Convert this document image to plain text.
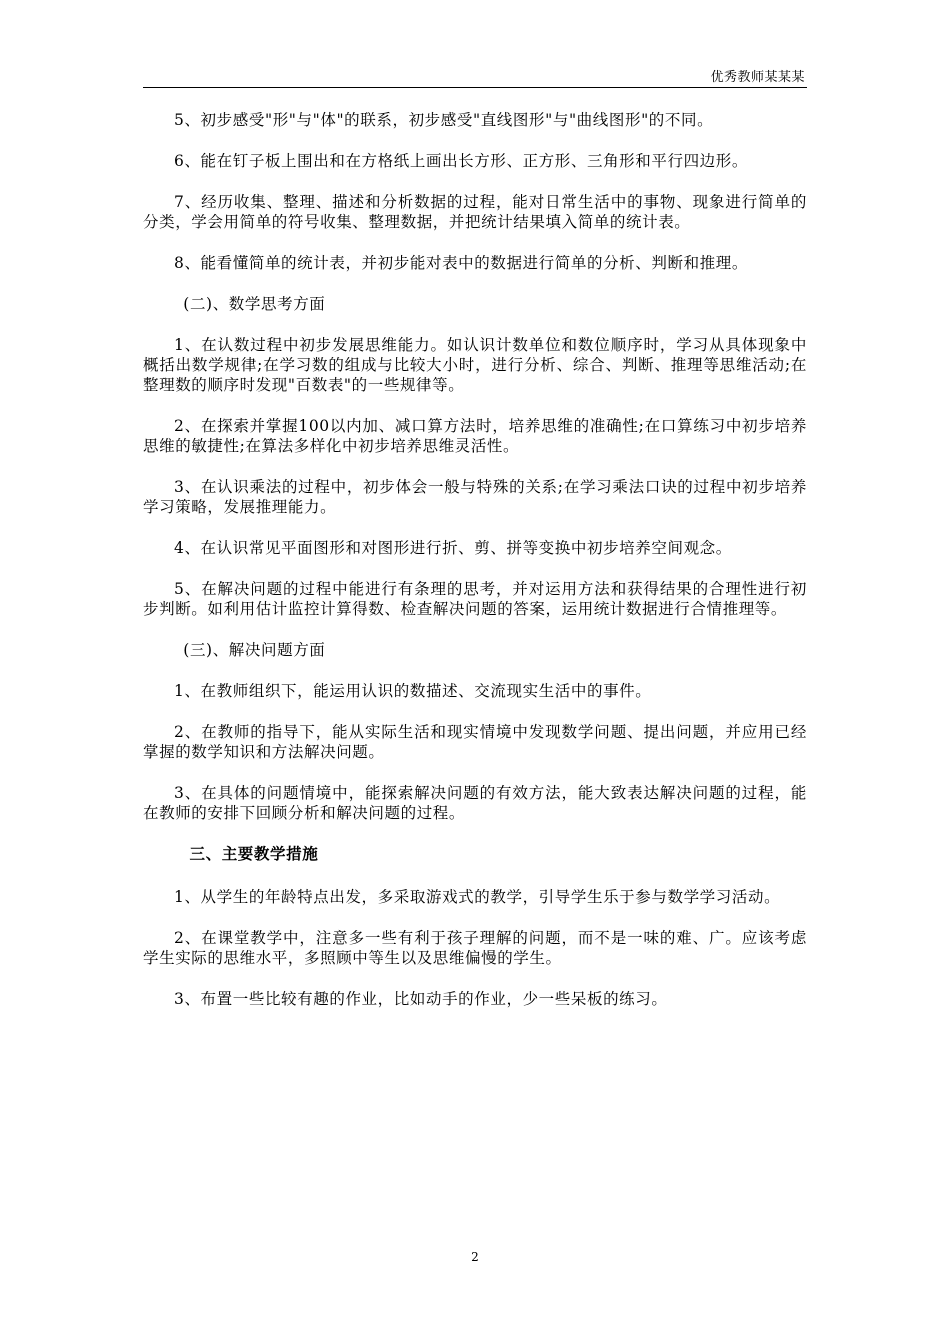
优秀教师某某某

5、初步感受"形"与"体"的联系，初步感受"直线图形"与"曲线图形"的不同。

6、能在钉子板上围出和在方格纸上画出长方形、正方形、三角形和平行四边形。

7、经历收集、整理、描述和分析数据的过程，能对日常生活中的事物、现象进行简单的分类，学会用简单的符号收集、整理数据，并把统计结果填入简单的统计表。

8、能看懂简单的统计表，并初步能对表中的数据进行简单的分析、判断和推理。

(二)、数学思考方面

1、在认数过程中初步发展思维能力。如认识计数单位和数位顺序时，学习从具体现象中概括出数学规律;在学习数的组成与比较大小时，进行分析、综合、判断、推理等思维活动;在整理数的顺序时发现"百数表"的一些规律等。

2、在探索并掌握100以内加、减口算方法时，培养思维的准确性;在口算练习中初步培养思维的敏捷性;在算法多样化中初步培养思维灵活性。

3、在认识乘法的过程中，初步体会一般与特殊的关系;在学习乘法口诀的过程中初步培养学习策略，发展推理能力。

4、在认识常见平面图形和对图形进行折、剪、拼等变换中初步培养空间观念。

5、在解决问题的过程中能进行有条理的思考，并对运用方法和获得结果的合理性进行初步判断。如利用估计监控计算得数、检查解决问题的答案，运用统计数据进行合情推理等。

(三)、解决问题方面

1、在教师组织下，能运用认识的数描述、交流现实生活中的事件。

2、在教师的指导下，能从实际生活和现实情境中发现数学问题、提出问题，并应用已经掌握的数学知识和方法解决问题。

3、在具体的问题情境中，能探索解决问题的有效方法，能大致表达解决问题的过程，能在教师的安排下回顾分析和解决问题的过程。

三、主要教学措施

1、从学生的年龄特点出发，多采取游戏式的教学，引导学生乐于参与数学学习活动。

2、在课堂教学中，注意多一些有利于孩子理解的问题，而不是一味的难、广。应该考虑学生实际的思维水平，多照顾中等生以及思维偏慢的学生。

3、布置一些比较有趣的作业，比如动手的作业，少一些呆板的练习。

2
